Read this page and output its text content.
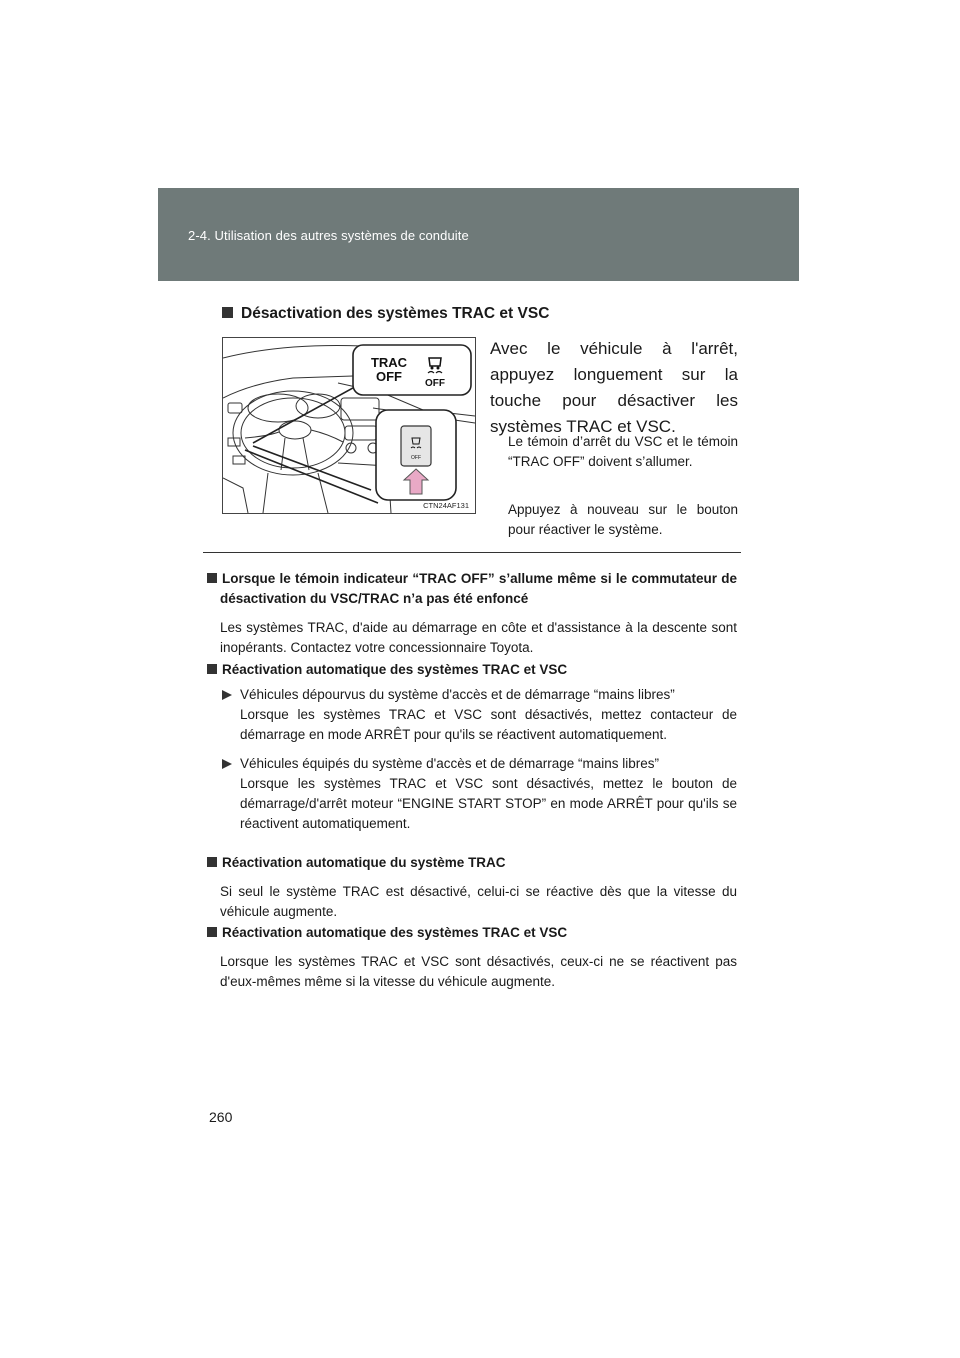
2-4. Utilisation des autres systèmes de conduite
Désactivation des systèmes TRAC et VSC
TRAC
OFF OFF
OFF
CTN24AF131
Avec le véhicule à l'arrêt, appuyez longuement sur la touche pour désactiver les systèmes TRAC et VSC.
Le témoin d’arrêt du VSC et le témoin “TRAC OFF” doivent s’allumer.
Appuyez à nouveau sur le bouton pour réactiver le système.
Lorsque le témoin indicateur “TRAC OFF” s’allume même si le commutateur de désactivation du VSC/TRAC n’a pas été enfoncé
Les systèmes TRAC, d'aide au démarrage en côte et d'assistance à la descente sont inopérants. Contactez votre concessionnaire Toyota.
Réactivation automatique des systèmes TRAC et VSC
Véhicules dépourvus du système d'accès et de démarrage “mains libres”
Lorsque les systèmes TRAC et VSC sont désactivés, mettez contacteur de démarrage en mode ARRÊT pour qu'ils se réactivent automatiquement.
Véhicules équipés du système d'accès et de démarrage “mains libres”
Lorsque les systèmes TRAC et VSC sont désactivés, mettez le bouton de démarrage/d'arrêt moteur “ENGINE START STOP” en mode ARRÊT pour qu'ils se réactivent automatiquement.
Réactivation automatique du système TRAC
Si seul le système TRAC est désactivé, celui-ci se réactive dès que la vitesse du véhicule augmente.
Réactivation automatique des systèmes TRAC et VSC
Lorsque les systèmes TRAC et VSC sont désactivés, ceux-ci ne se réactivent pas d'eux-mêmes même si la vitesse du véhicule augmente.
260
